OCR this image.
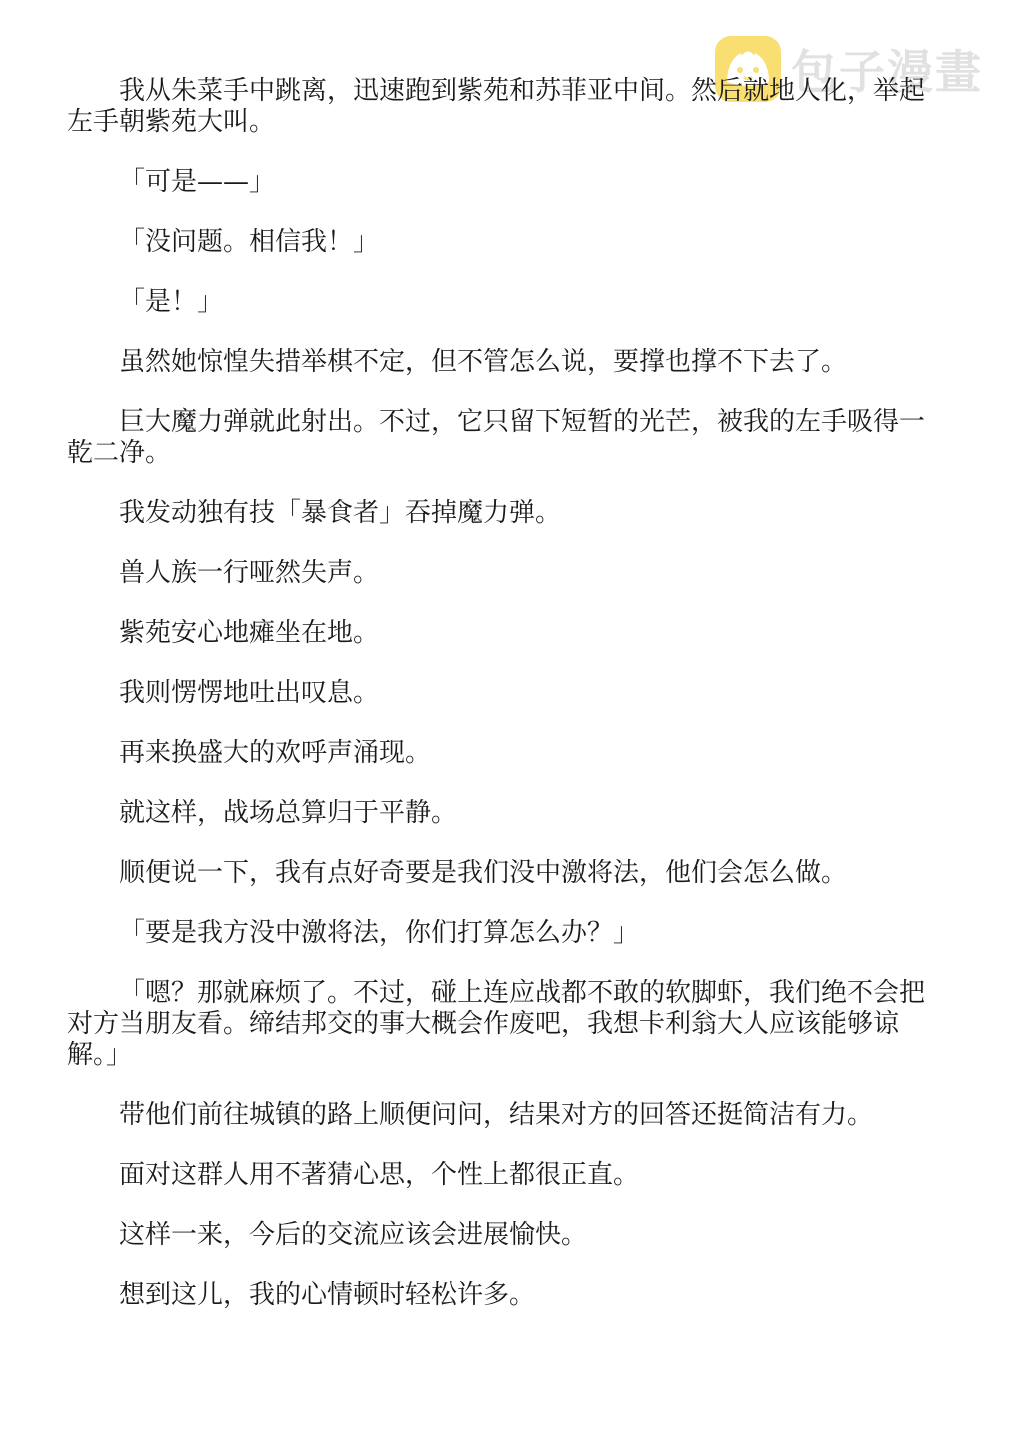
包子漫畫

我从朱菜手中跳离，迅速跑到紫苑和苏菲亚中间。然后就地人化，举起左手朝紫苑大叫。

「可是——」

「没问题。相信我！」

「是！」

虽然她惊惶失措举棋不定，但不管怎么说，要撑也撑不下去了。

巨大魔力弹就此射出。不过，它只留下短暂的光芒，被我的左手吸得一乾二净。

我发动独有技「暴食者」吞掉魔力弹。

兽人族一行哑然失声。

紫苑安心地瘫坐在地。

我则愣愣地吐出叹息。

再来换盛大的欢呼声涌现。

就这样，战场总算归于平静。

顺便说一下，我有点好奇要是我们没中激将法，他们会怎么做。

「要是我方没中激将法，你们打算怎么办？」

「嗯？那就麻烦了。不过，碰上连应战都不敢的软脚虾，我们绝不会把对方当朋友看。缔结邦交的事大概会作废吧，我想卡利翁大人应该能够谅解。」

带他们前往城镇的路上顺便问问，结果对方的回答还挺简洁有力。

面对这群人用不著猜心思，个性上都很正直。

这样一来，今后的交流应该会进展愉快。

想到这儿，我的心情顿时轻松许多。
